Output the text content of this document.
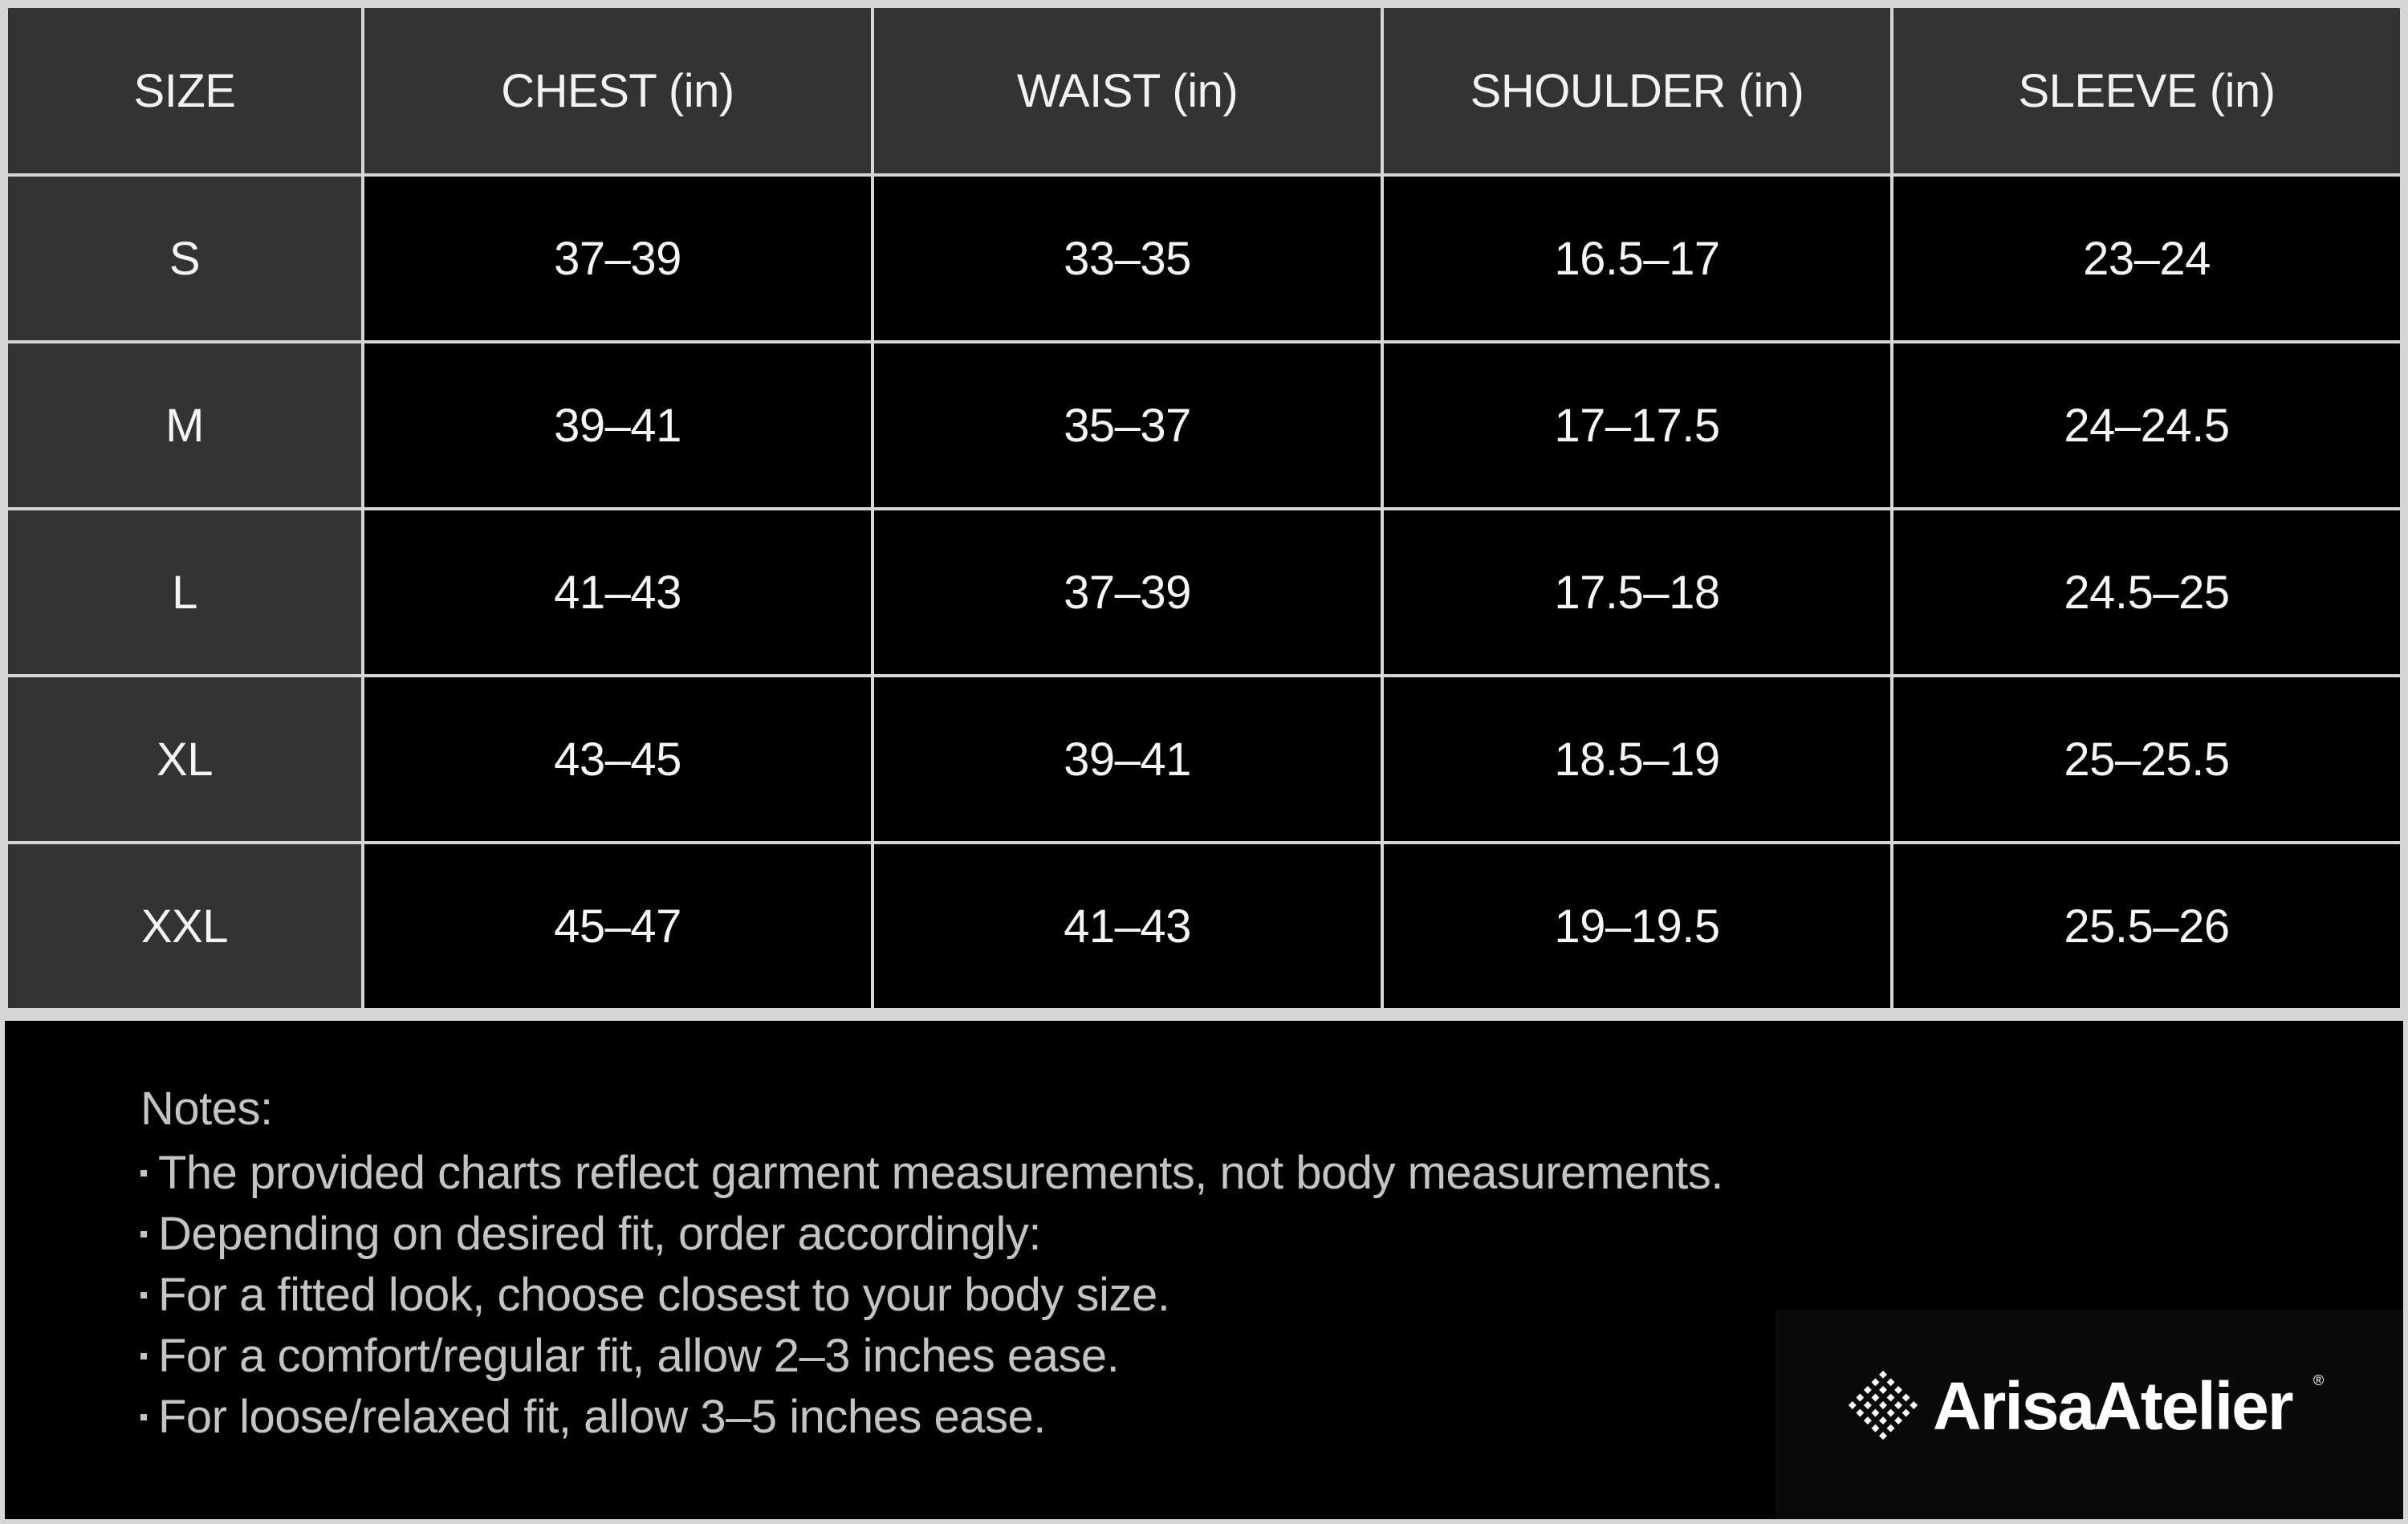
SIZE	CHEST (in)	WAIST (in)	SHOULDER (in)	SLEEVE (in)
S	37–39	33–35	16.5–17	23–24
M	39–41	35–37	17–17.5	24–24.5
L	41–43	37–39	17.5–18	24.5–25
XL	43–45	39–41	18.5–19	25–25.5
XXL	45–47	41–43	19–19.5	25.5–26
Notes:
The provided charts reflect garment measurements, not body measurements.
Depending on desired fit, order accordingly:
For a fitted look, choose closest to your body size.
For a comfort/regular fit, allow 2–3 inches ease.
For loose/relaxed fit, allow 3–5 inches ease.	ArisaAtelier ®
